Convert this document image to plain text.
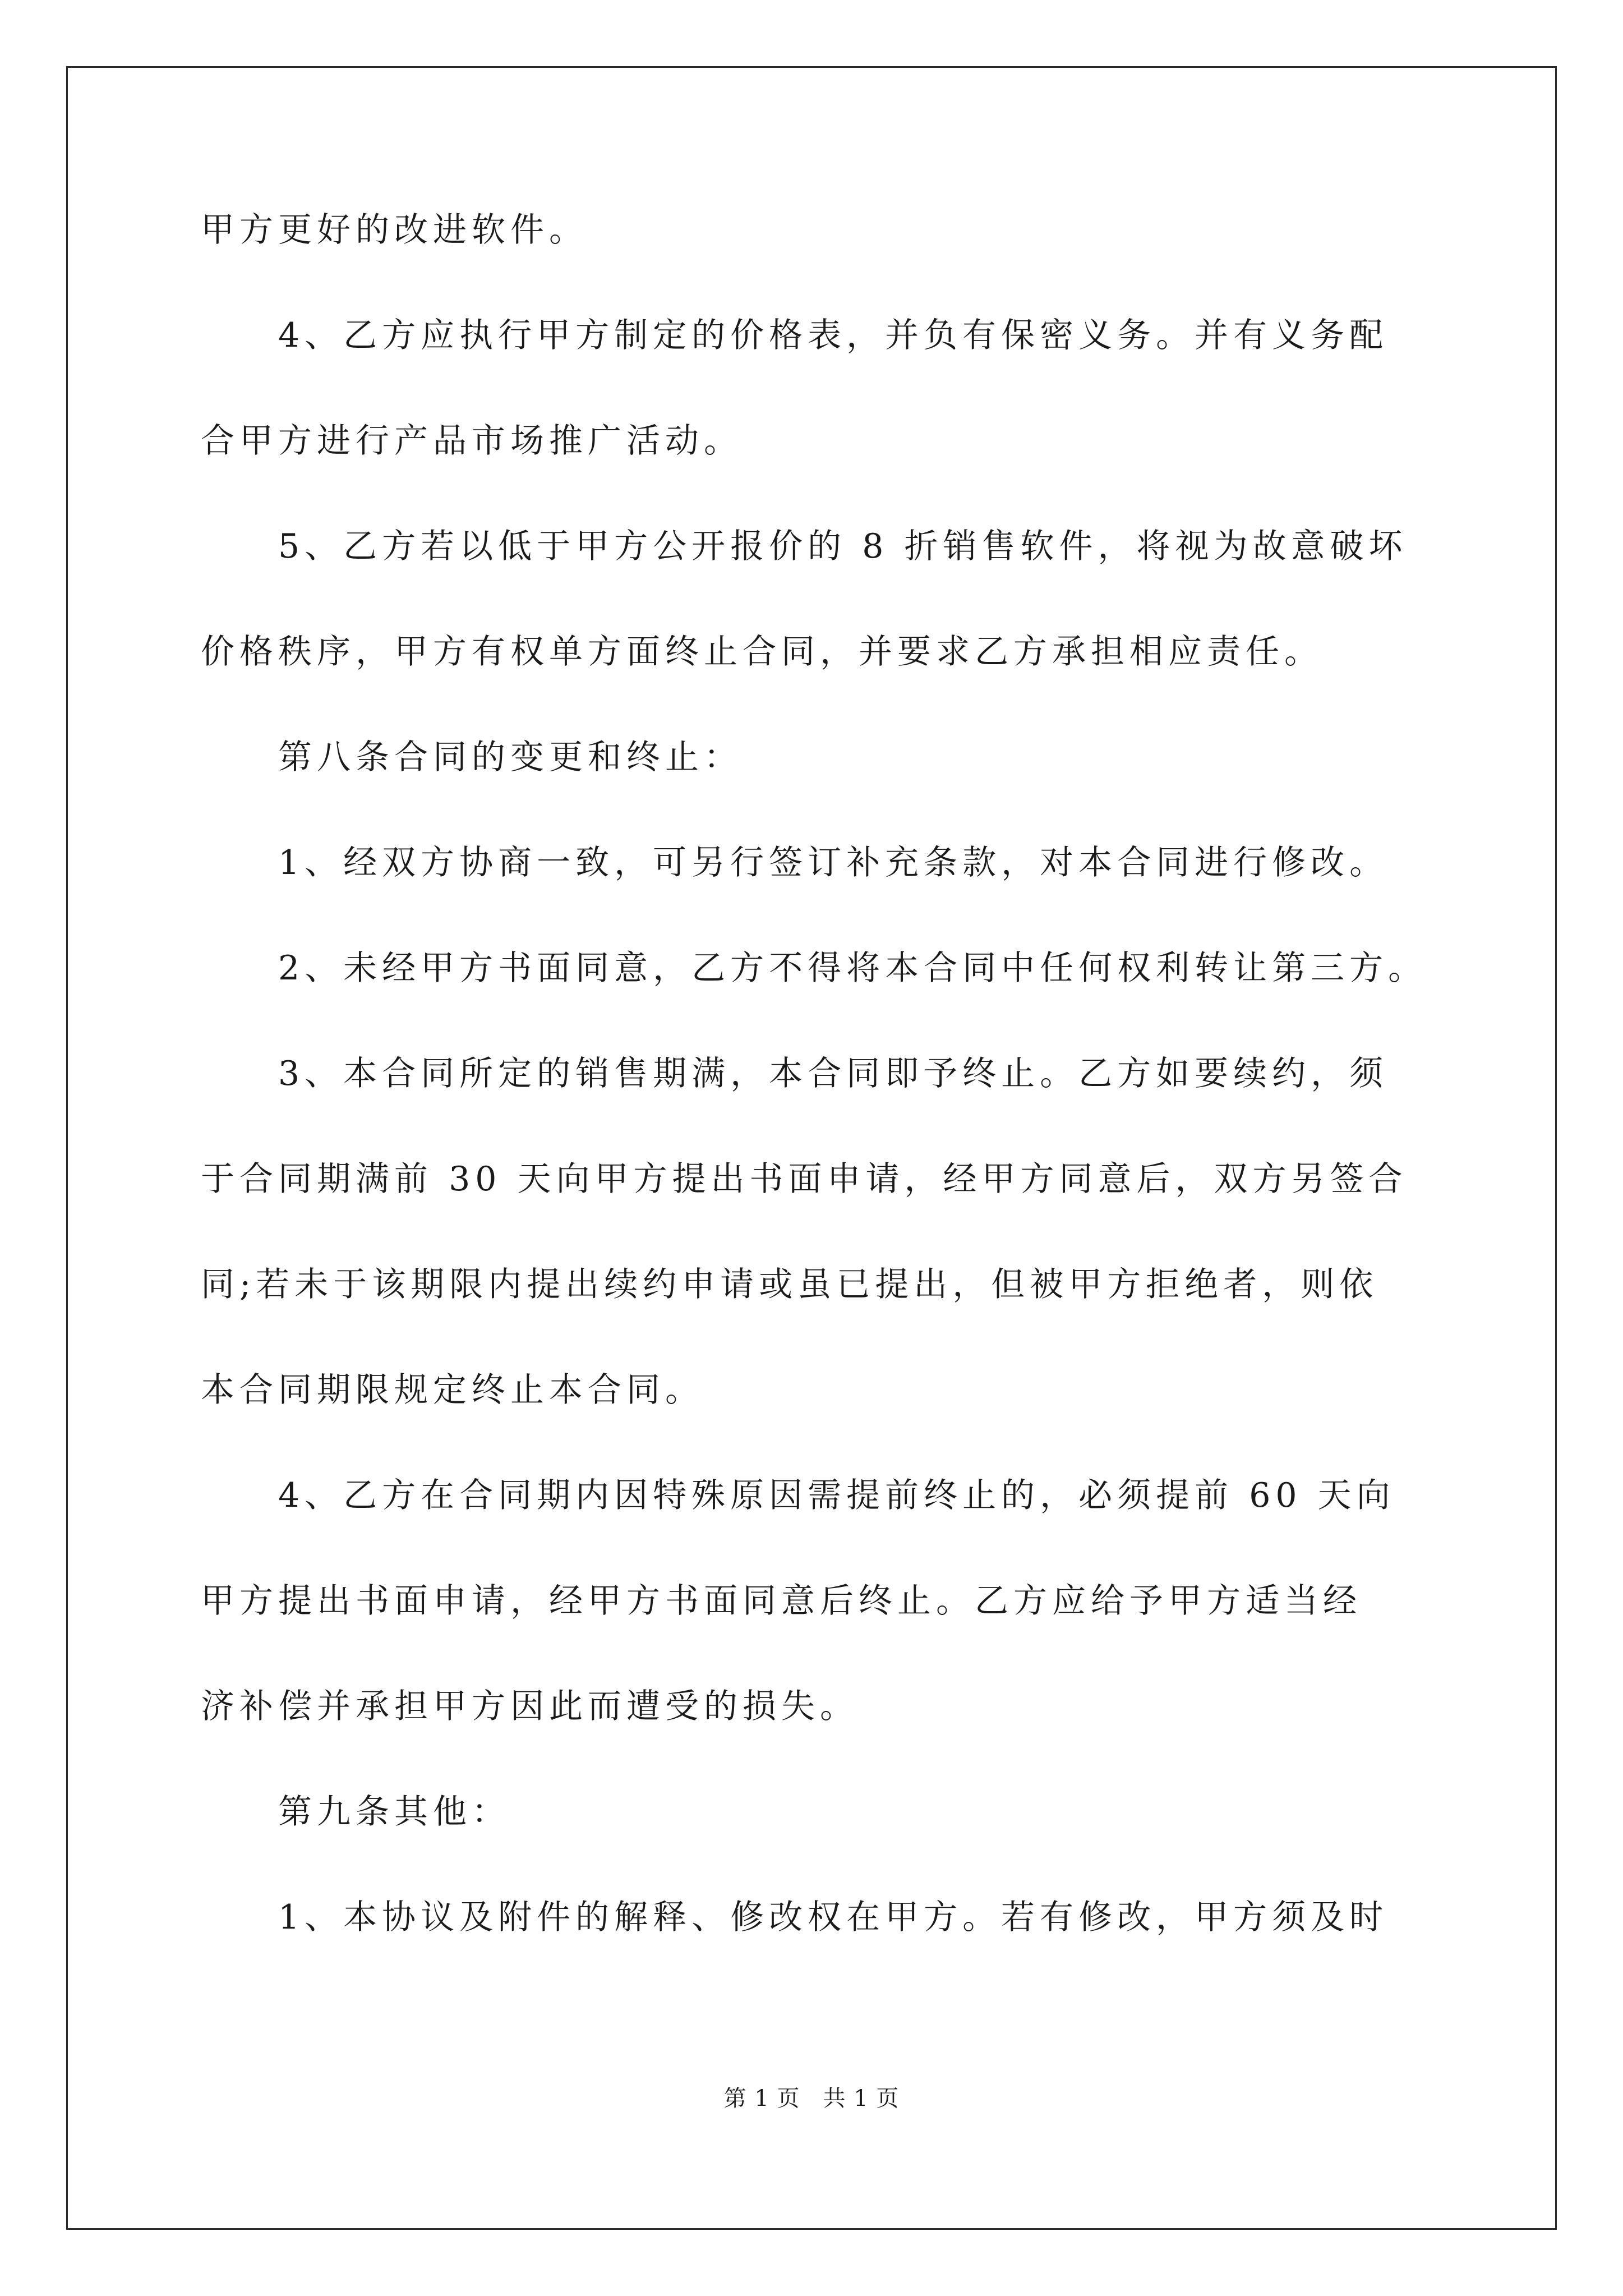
甲方更好的改进软件。
　　4、乙方应执行甲方制定的价格表，并负有保密义务。并有义务配
合甲方进行产品市场推广活动。
　　5、乙方若以低于甲方公开报价的 8 折销售软件，将视为故意破坏
价格秩序，甲方有权单方面终止合同，并要求乙方承担相应责任。
　　第八条合同的变更和终止：
　　1、经双方协商一致，可另行签订补充条款，对本合同进行修改。
　　2、未经甲方书面同意，乙方不得将本合同中任何权利转让第三方。
　　3、本合同所定的销售期满，本合同即予终止。乙方如要续约，须
于合同期满前 30 天向甲方提出书面申请，经甲方同意后，双方另签合
同;若未于该期限内提出续约申请或虽已提出，但被甲方拒绝者，则依
本合同期限规定终止本合同。
　　4、乙方在合同期内因特殊原因需提前终止的，必须提前 60 天向
甲方提出书面申请，经甲方书面同意后终止。乙方应给予甲方适当经
济补偿并承担甲方因此而遭受的损失。
　　第九条其他：
　　1、本协议及附件的解释、修改权在甲方。若有修改，甲方须及时
第 1 页　共 1 页
